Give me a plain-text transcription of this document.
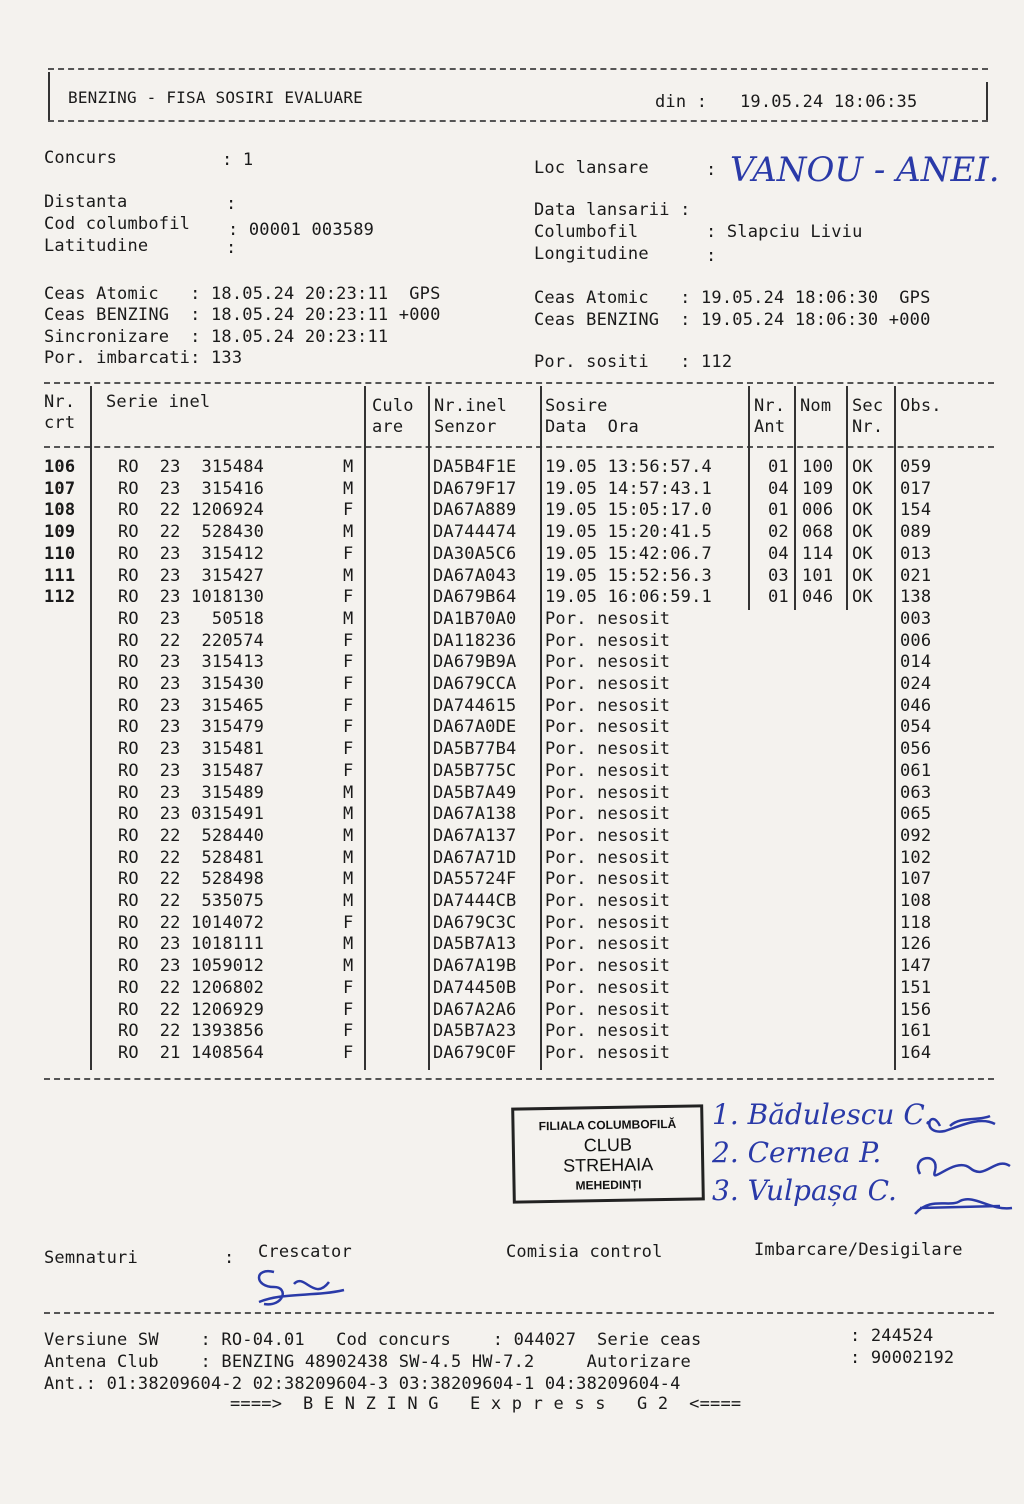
BENZING - FISA SOSIRI EVALUARE	din : 19.05.24 18:06:35
Concurs	: 1	Loc lansare	: VANOU - ANEI.
Distanta	:	Data lansarii :
Cod columbofil : 00001 003589	Columbofil	: Slapciu Liviu
Latitudine	:	Longitudine	:
Ceas Atomic   : 18.05.24 20:23:11  GPS	Ceas Atomic   : 19.05.24 18:06:30  GPS
Ceas BENZING  : 18.05.24 20:23:11 +000	Ceas BENZING  : 19.05.24 18:06:30 +000
Sincronizare  : 18.05.24 20:23:11
Por. imbarcati: 133	Por. sositi   : 112
Nr.
crt
Serie inel	Culo
are
Nr.inel
Senzor
Sosire
Data  Ora
Nr.
Ant
Nom Sec
Nr.
Obs.
106	RO  23  315484	M	DA5B4F1E 19.05 13:56:57.4	01 100 OK 059
107	RO  23  315416	M	DA679F17 19.05 14:57:43.1	04 109 OK 017
108	RO  22 1206924	F	DA67A889 19.05 15:05:17.0	01 006 OK 154
109	RO  22  528430	M	DA744474 19.05 15:20:41.5	02 068 OK 089
110	RO  23  315412	F	DA30A5C6 19.05 15:42:06.7	04 114 OK 013
111	RO  23  315427	M	DA67A043 19.05 15:52:56.3	03 101 OK 021
112	RO  23 1018130	F	DA679B64 19.05 16:06:59.1	01 046 OK 138
RO  23   50518	M	DA1B70A0 Por. nesosit	003
RO  22  220574	F	DA118236 Por. nesosit	006
RO  23  315413	F	DA679B9A Por. nesosit	014
RO  23  315430	F	DA679CCA Por. nesosit	024
RO  23  315465	F	DA744615 Por. nesosit	046
RO  23  315479	F	DA67A0DE Por. nesosit	054
RO  23  315481	F	DA5B77B4 Por. nesosit	056
RO  23  315487	F	DA5B775C Por. nesosit	061
RO  23  315489	M	DA5B7A49 Por. nesosit	063
RO  23 0315491	M	DA67A138 Por. nesosit	065
RO  22  528440	M	DA67A137 Por. nesosit	092
RO  22  528481	M	DA67A71D Por. nesosit	102
RO  22  528498	M	DA55724F Por. nesosit	107
RO  22  535075	M	DA7444CB Por. nesosit	108
RO  22 1014072	F	DA679C3C Por. nesosit	118
RO  23 1018111	M	DA5B7A13 Por. nesosit	126
RO  23 1059012	M	DA67A19B Por. nesosit	147
RO  22 1206802	F	DA74450B Por. nesosit	151
RO  22 1206929	F	DA67A2A6 Por. nesosit	156
RO  22 1393856	F	DA5B7A23 Por. nesosit	161
RO  21 1408564	F	DA679C0F Por. nesosit	164
FILIALA COLUMBOFILĂ
CLUB
STREHAIA
MEHEDINȚI
1. Bădulescu C.
2. Cernea P.
3. Vulpașa C.
Semnaturi	: Crescator	Comisia control	Imbarcare/Desigilare
Versiune SW    : RO-04.01   Cod concurs    : 044027  Serie ceas	: 244524
Antena Club    : BENZING 48902438 SW-4.5 HW-7.2     Autorizare	: 90002192
Ant.: 01:38209604-2 02:38209604-3 03:38209604-1 04:38209604-4
====>  B E N Z I N G   E x p r e s s   G 2  <====
